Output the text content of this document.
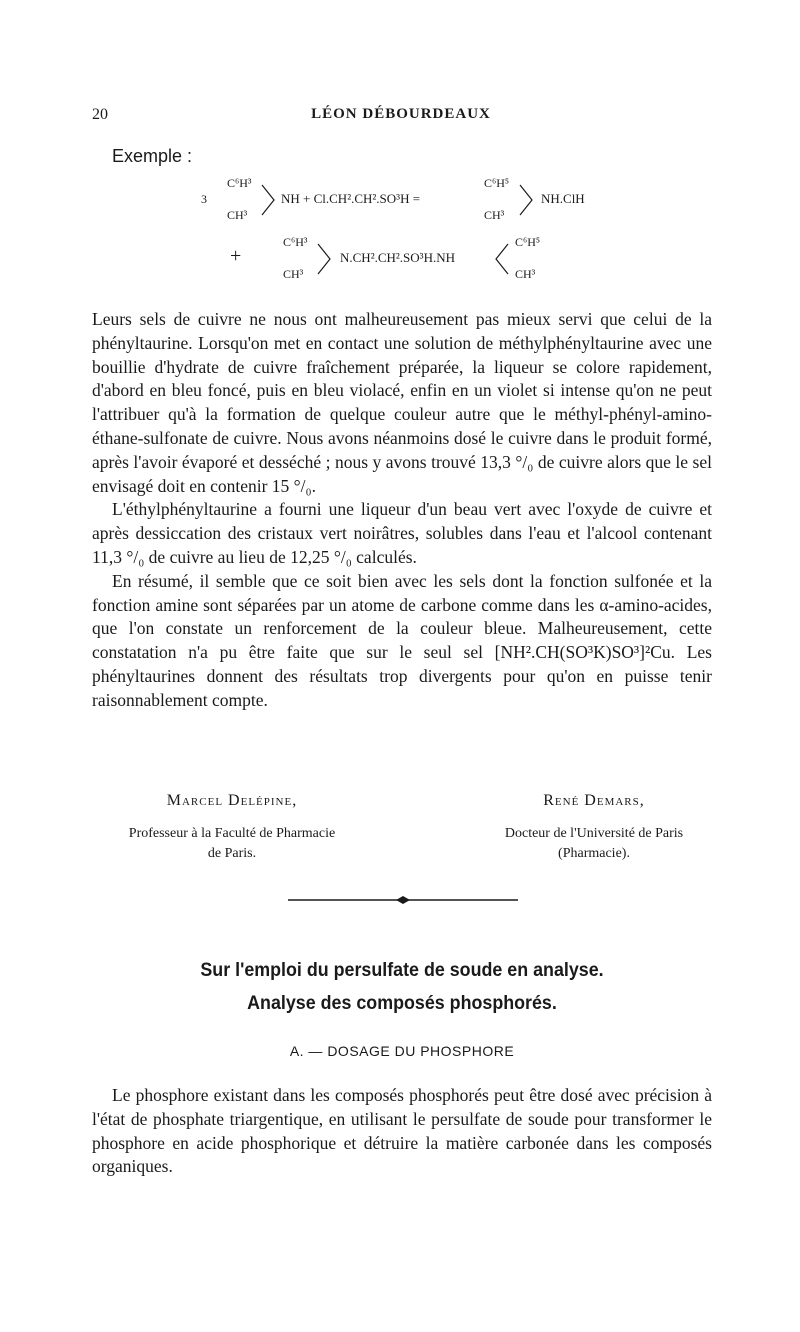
20	LÉON DÉBOURDEAUX
Exemple :
3
C⁶H³
CH³
NH + Cl.CH².CH².SO³H =
C⁶H⁵
CH³
NH.ClH
+
C⁶H³
CH³
N.CH².CH².SO³H.NH
C⁶H⁵
CH³

Leurs sels de cuivre ne nous ont malheureusement pas mieux servi que celui de la phényltaurine. Lorsqu'on met en contact une solution de méthylphényltaurine avec une bouillie d'hydrate de cuivre fraîchement préparée, la liqueur se colore rapidement, d'abord en bleu foncé, puis en bleu violacé, enfin en un violet si intense qu'on ne peut l'attribuer qu'à la formation de quelque couleur autre que le méthyl-phényl-amino-éthane-sulfonate de cuivre. Nous avons néanmoins dosé le cuivre dans le produit formé, après l'avoir évaporé et desséché ; nous y avons trouvé 13,3 °/₀ de cuivre alors que le sel envisagé doit en contenir 15 °/₀.

L'éthylphényltaurine a fourni une liqueur d'un beau vert avec l'oxyde de cuivre et après dessiccation des cristaux vert noirâtres, solubles dans l'eau et l'alcool contenant 11,3 °/₀ de cuivre au lieu de 12,25 °/₀ calculés.

En résumé, il semble que ce soit bien avec les sels dont la fonction sulfonée et la fonction amine sont séparées par un atome de carbone comme dans les α-amino-acides, que l'on constate un renforcement de la couleur bleue. Malheureusement, cette constatation n'a pu être faite que sur le seul sel [NH².CH(SO³K)SO³]²Cu. Les phényltaurines donnent des résultats trop divergents pour qu'on en puisse tenir raisonnablement compte.

Marcel Delépine,
Professeur à la Faculté de Pharmacie
de Paris.
René Demars,
Docteur de l'Université de Paris
(Pharmacie).
Sur l'emploi du persulfate de soude en analyse.
Analyse des composés phosphorés.
A. — DOSAGE DU PHOSPHORE

Le phosphore existant dans les composés phosphorés peut être dosé avec précision à l'état de phosphate triargentique, en utilisant le persulfate de soude pour transformer le phosphore en acide phosphorique et détruire la matière carbonée dans les composés organiques.
